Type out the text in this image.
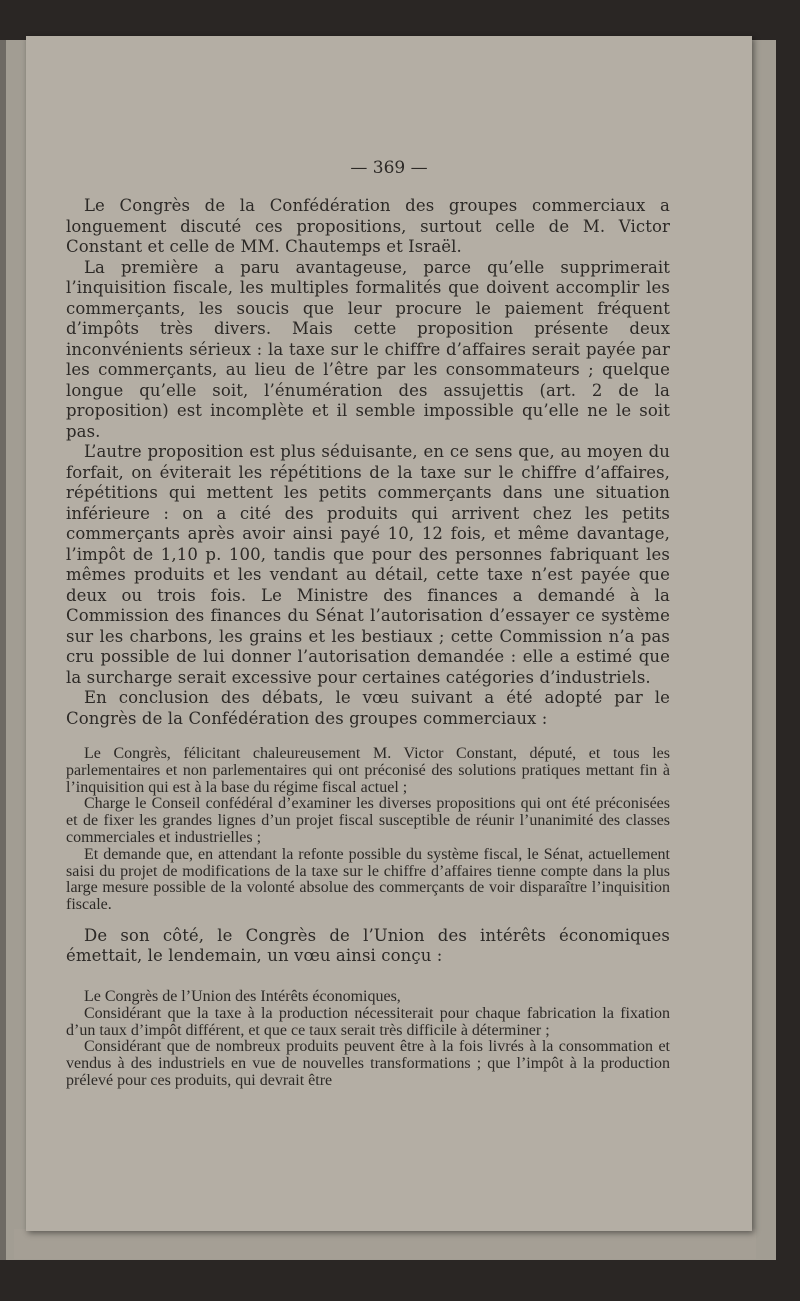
— 369 —

Le Congrès de la Confédération des groupes commerciaux a longuement discuté ces propositions, surtout celle de M. Victor Constant et celle de MM. Chautemps et Israël.

La première a paru avantageuse, parce qu’elle supprimerait l’inquisition fiscale, les multiples formalités que doivent accomplir les commerçants, les soucis que leur procure le paiement fréquent d’impôts très divers. Mais cette proposition présente deux inconvénients sérieux : la taxe sur le chiffre d’affaires serait payée par les commerçants, au lieu de l’être par les consommateurs ; quelque longue qu’elle soit, l’énumération des assujettis (art. 2 de la proposition) est incomplète et il semble impossible qu’elle ne le soit pas.

L’autre proposition est plus séduisante, en ce sens que, au moyen du forfait, on éviterait les répétitions de la taxe sur le chiffre d’affaires, répétitions qui mettent les petits commerçants dans une situation inférieure : on a cité des produits qui arrivent chez les petits commerçants après avoir ainsi payé 10, 12 fois, et même davantage, l’impôt de 1,10 p. 100, tandis que pour des personnes fabriquant les mêmes produits et les vendant au détail, cette taxe n’est payée que deux ou trois fois. Le Ministre des finances a demandé à la Commission des finances du Sénat l’autorisation d’essayer ce système sur les charbons, les grains et les bestiaux ; cette Commission n’a pas cru possible de lui donner l’autorisation demandée : elle a estimé que la surcharge serait excessive pour certaines catégories d’industriels.

En conclusion des débats, le vœu suivant a été adopté par le Congrès de la Confédération des groupes commerciaux :

Le Congrès, félicitant chaleureusement M. Victor Constant, député, et tous les parlementaires et non parlementaires qui ont préconisé des solutions pratiques mettant fin à l’inquisition qui est à la base du régime fiscal actuel ;

Charge le Conseil confédéral d’examiner les diverses propositions qui ont été préconisées et de fixer les grandes lignes d’un projet fiscal susceptible de réunir l’unanimité des classes commerciales et industrielles ;

Et demande que, en attendant la refonte possible du système fiscal, le Sénat, actuellement saisi du projet de modifications de la taxe sur le chiffre d’affaires tienne compte dans la plus large mesure possible de la volonté absolue des commerçants de voir disparaître l’inquisition fiscale.

De son côté, le Congrès de l’Union des intérêts économiques émettait, le lendemain, un vœu ainsi conçu :

Le Congrès de l’Union des Intérêts économiques,

Considérant que la taxe à la production nécessiterait pour chaque fabrication la fixation d’un taux d’impôt différent, et que ce taux serait très difficile à déterminer ;

Considérant que de nombreux produits peuvent être à la fois livrés à la consommation et vendus à des industriels en vue de nouvelles transformations ; que l’impôt à la production prélevé pour ces produits, qui devrait être
